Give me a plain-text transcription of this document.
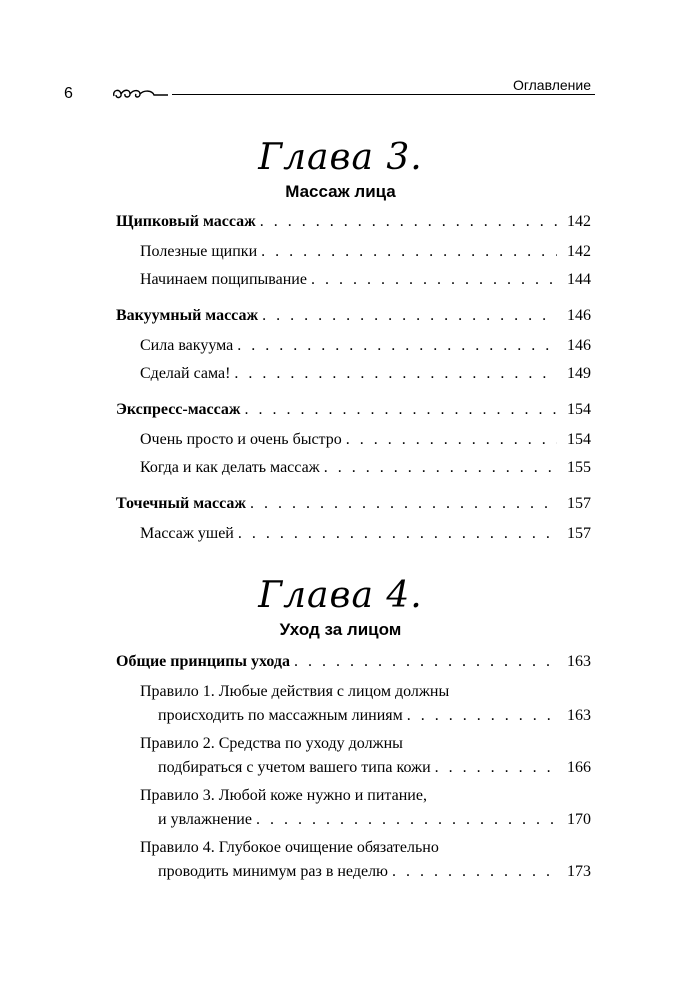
6	Оглавление
Глава 3.
Массаж лица
Щипковый массаж . . .	142
Полезные щипки . . .	142
Начинаем пощипывание . . .	144
Вакуумный массаж . . .	146
Сила вакуума . . .	146
Сделай сама! . . .	149
Экспресс-массаж . . .	154
Очень просто и очень быстро . . .	154
Когда и как делать массаж . . .	155
Точечный массаж . . .	157
Массаж ушей . . .	157
Глава 4.
Уход за лицом
Общие принципы ухода . . .	163
Правило 1. Любые действия с лицом должны
происходить по массажным линиям . . .	163
Правило 2. Средства по уходу должны
подбираться с учетом вашего типа кожи . . .	166
Правило 3. Любой коже нужно и питание,
и увлажнение . . .	170
Правило 4. Глубокое очищение обязательно
проводить минимум раз в неделю . . .	173
